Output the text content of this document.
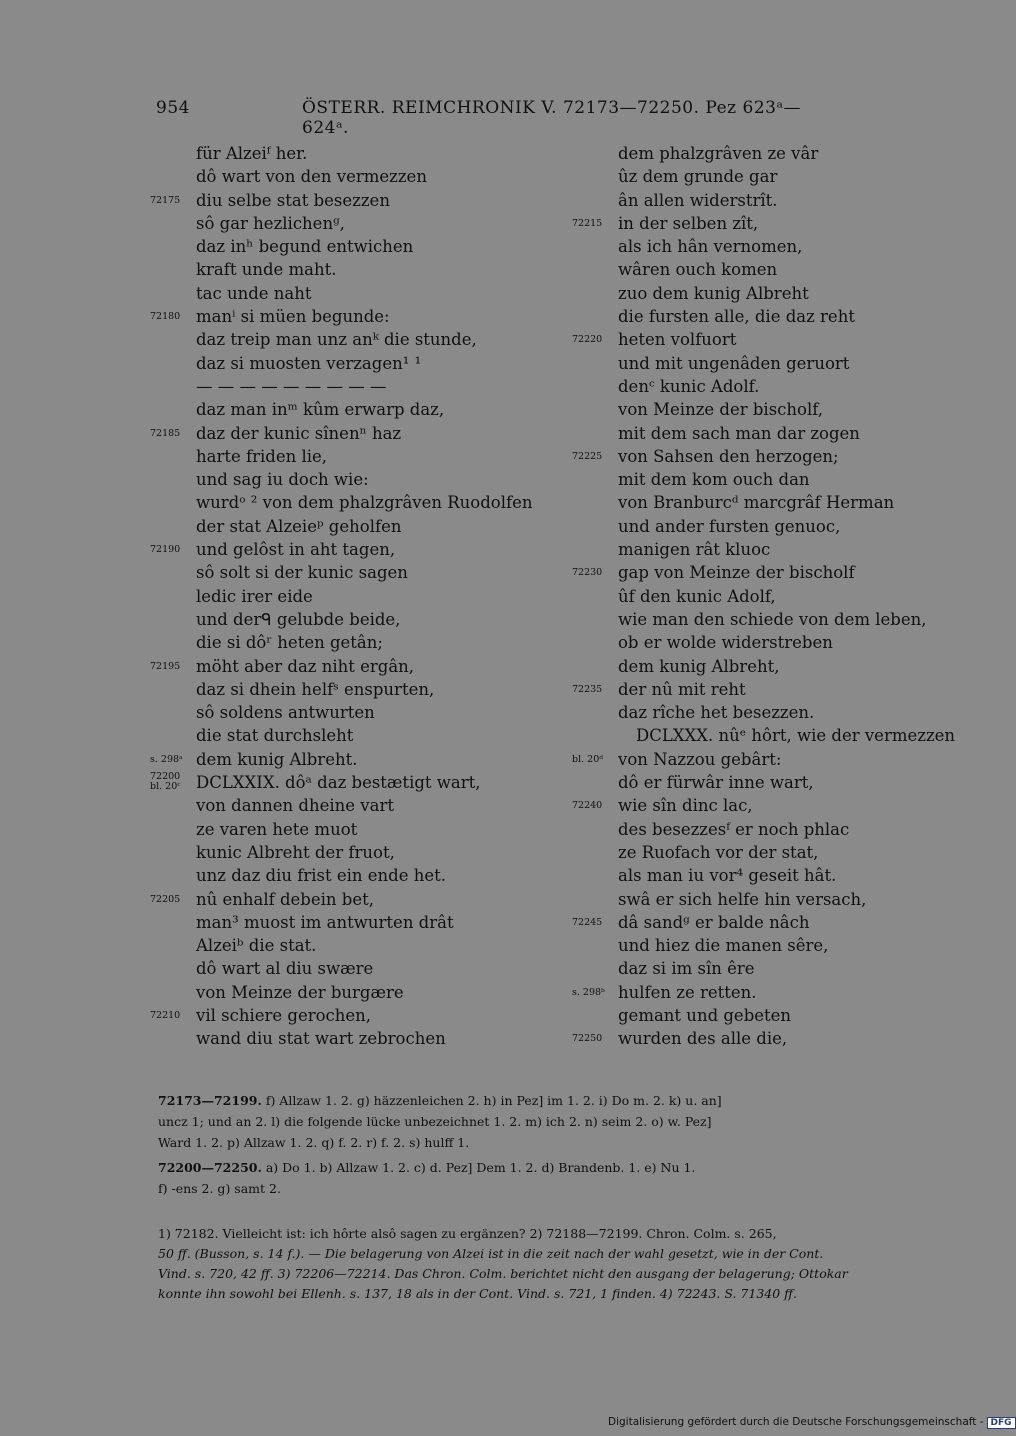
954	ÖSTERR. REIMCHRONIK V. 72173—72250. Pez 623ᵃ—624ᵃ.
für Alzeiᶠ her.
dô wart von den vermezzen
72175 diu selbe stat besezzen
sô gar hezlichenᵍ,
daz inʰ begund entwichen
kraft unde maht.
tac unde naht
72180 manⁱ si müen begunde:
daz treip man unz anᵏ die stunde,
daz si muosten verzagen¹ ¹
— — — — — — — — —
daz man inᵐ kûm erwarp daz,
72185 daz der kunic sînenⁿ haz
harte friden lie,
und sag iu doch wie:
wurdᵒ ² von dem phalzgrâven Ruodolfen
der stat Alzeieᵖ geholfen
72190 und gelôst in aht tagen,
sô solt si der kunic sagen
ledic irer eide
und derᑫ gelubde beide,
die si dôʳ heten getân;
72195 möht aber daz niht ergân,
daz si dhein helfˢ enspurten,
sô soldens antwurten
die stat durchsleht
s. 298ᵃ dem kunig Albreht.
72200
bl. 20ᶜ DCLXXIX. dôᵃ daz bestætigt wart,
von dannen dheine vart
ze varen hete muot
kunic Albreht der fruot,
unz daz diu frist ein ende het.
72205 nû enhalf debein bet,
man³ muost im antwurten drât
Alzeiᵇ die stat.
dô wart al diu swære
von Meinze der burgære
72210 vil schiere gerochen,
wand diu stat wart zebrochen
dem phalzgrâven ze vâr
ûz dem grunde gar
ân allen widerstrît.
72215 in der selben zît,
als ich hân vernomen,
wâren ouch komen
zuo dem kunig Albreht
die fursten alle, die daz reht
72220 heten volfuort
und mit ungenâden geruort
denᶜ kunic Adolf.
von Meinze der bischolf,
mit dem sach man dar zogen
72225 von Sahsen den herzogen;
mit dem kom ouch dan
von Branburcᵈ marcgrâf Herman
und ander fursten genuoc,
manigen rât kluoc
72230 gap von Meinze der bischolf
ûf den kunic Adolf,
wie man den schiede von dem leben,
ob er wolde widerstreben
dem kunig Albreht,
72235 der nû mit reht
daz rîche het besezzen.
DCLXXX. nûᵉ hôrt, wie der vermezzen
bl. 20ᵈ von Nazzou gebârt:
dô er fürwâr inne wart,
72240 wie sîn dinc lac,
des besezzesᶠ er noch phlac
ze Ruofach vor der stat,
als man iu vor⁴ geseit hât.
swâ er sich helfe hin versach,
72245 dâ sandᵍ er balde nâch
und hiez die manen sêre,
daz si im sîn êre
s. 298ᵇ hulfen ze retten.
gemant und gebeten
72250 wurden des alle die,

72173—72199. f) Allzaw 1. 2. g) häzzenleichen 2. h) in Pez] im 1. 2. i) Do m. 2. k) u. an]

uncz 1; und an 2. l) die folgende lücke unbezeichnet 1. 2. m) ich 2. n) seim 2. o) w. Pez]

Ward 1. 2. p) Allzaw 1. 2. q) f. 2. r) f. 2. s) hulff 1.

72200—72250. a) Do 1. b) Allzaw 1. 2. c) d. Pez] Dem 1. 2. d) Brandenb. 1. e) Nu 1.

f) -ens 2. g) samt 2.

1) 72182. Vielleicht ist: ich hôrte alsô sagen zu ergänzen? 2) 72188—72199. Chron. Colm. s. 265,

50 ff. (Busson, s. 14 f.). — Die belagerung von Alzei ist in die zeit nach der wahl gesetzt, wie in der Cont.

Vind. s. 720, 42 ff. 3) 72206—72214. Das Chron. Colm. berichtet nicht den ausgang der belagerung; Ottokar

konnte ihn sowohl bei Ellenh. s. 137, 18 als in der Cont. Vind. s. 721, 1 finden. 4) 72243. S. 71340 ff.

Digitalisierung gefördert durch die Deutsche Forschungsgemeinschaft - DFG
